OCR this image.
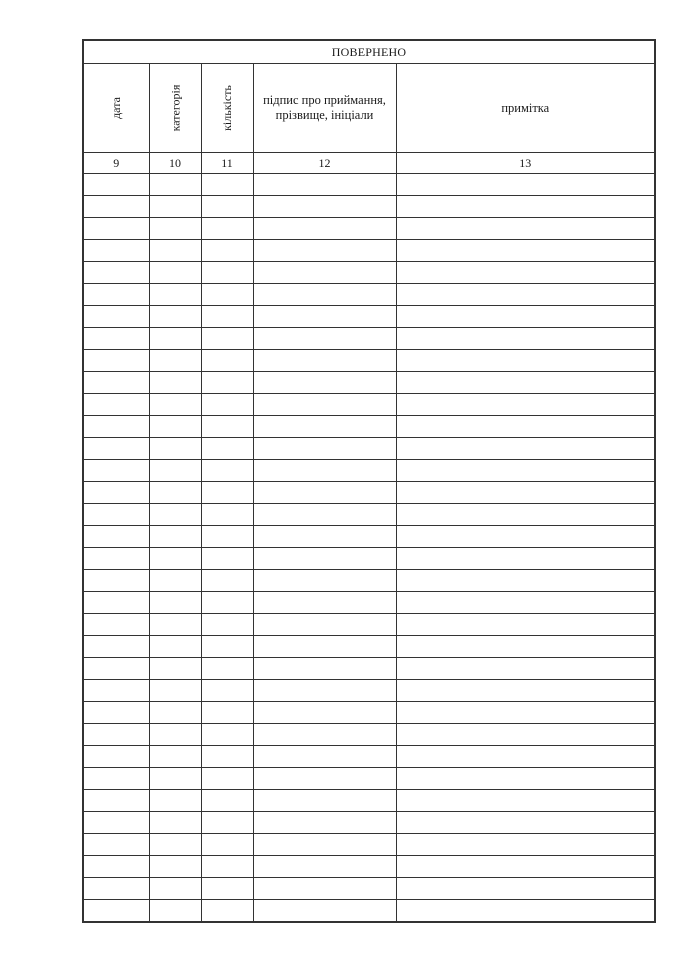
ПОВЕРНЕНО				
дата	категорія	кількість	підпис про приймання, прізвище, ініціали	примітка

9	10	11	12	13
